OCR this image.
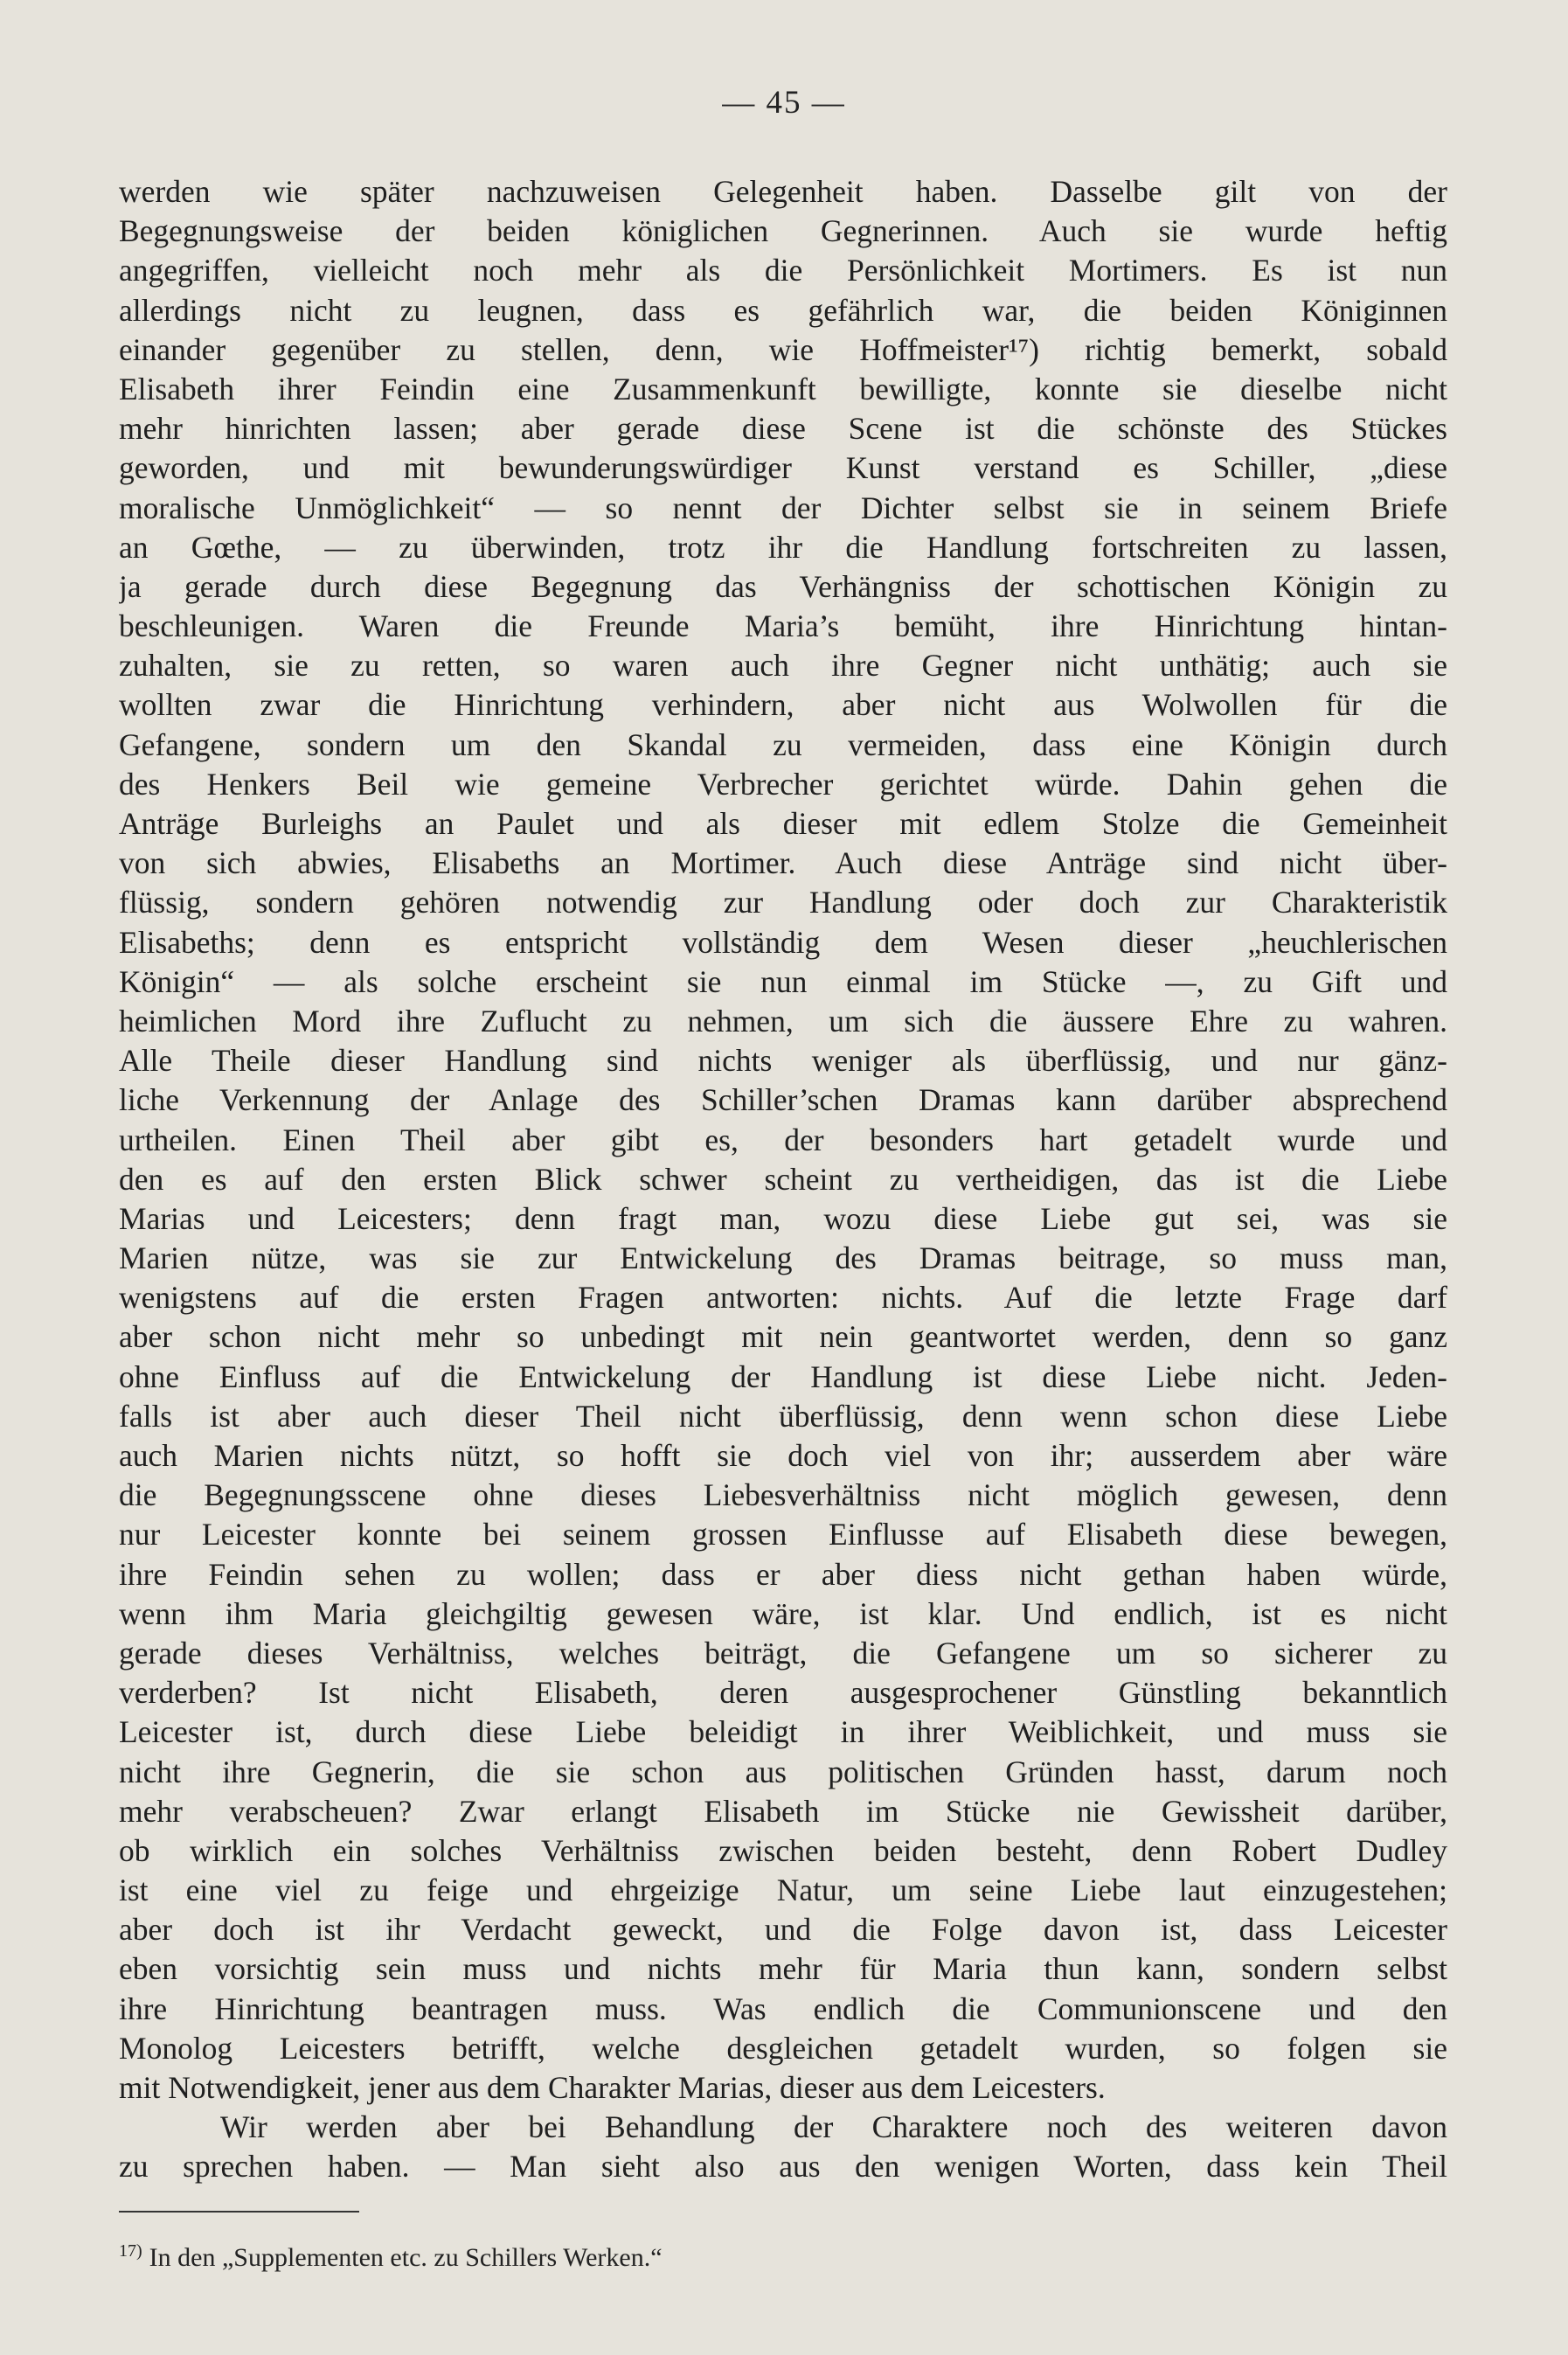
— 45 —
werden wie später nachzuweisen Gelegenheit haben. Dasselbe gilt von der
Begegnungsweise der beiden königlichen Gegnerinnen. Auch sie wurde heftig
angegriffen, vielleicht noch mehr als die Persönlichkeit Mortimers. Es ist nun
allerdings nicht zu leugnen, dass es gefährlich war, die beiden Königinnen
einander gegenüber zu stellen, denn, wie Hoffmeister¹⁷) richtig bemerkt, sobald
Elisabeth ihrer Feindin eine Zusammenkunft bewilligte, konnte sie dieselbe nicht
mehr hinrichten lassen; aber gerade diese Scene ist die schönste des Stückes
geworden, und mit bewunderungswürdiger Kunst verstand es Schiller, „diese
moralische Unmöglichkeit“ — so nennt der Dichter selbst sie in seinem Briefe
an Gœthe, — zu überwinden, trotz ihr die Handlung fortschreiten zu lassen,
ja gerade durch diese Begegnung das Verhängniss der schottischen Königin zu
beschleunigen. Waren die Freunde Maria’s bemüht, ihre Hinrichtung hintan-
zuhalten, sie zu retten, so waren auch ihre Gegner nicht unthätig; auch sie
wollten zwar die Hinrichtung verhindern, aber nicht aus Wolwollen für die
Gefangene, sondern um den Skandal zu vermeiden, dass eine Königin durch
des Henkers Beil wie gemeine Verbrecher gerichtet würde. Dahin gehen die
Anträge Burleighs an Paulet und als dieser mit edlem Stolze die Gemeinheit
von sich abwies, Elisabeths an Mortimer. Auch diese Anträge sind nicht über-
flüssig, sondern gehören notwendig zur Handlung oder doch zur Charakteristik
Elisabeths; denn es entspricht vollständig dem Wesen dieser „heuchlerischen
Königin“ — als solche erscheint sie nun einmal im Stücke —, zu Gift und
heimlichen Mord ihre Zuflucht zu nehmen, um sich die äussere Ehre zu wahren.
Alle Theile dieser Handlung sind nichts weniger als überflüssig, und nur gänz-
liche Verkennung der Anlage des Schiller’schen Dramas kann darüber absprechend
urtheilen. Einen Theil aber gibt es, der besonders hart getadelt wurde und
den es auf den ersten Blick schwer scheint zu vertheidigen, das ist die Liebe
Marias und Leicesters; denn fragt man, wozu diese Liebe gut sei, was sie
Marien nütze, was sie zur Entwickelung des Dramas beitrage, so muss man,
wenigstens auf die ersten Fragen antworten: nichts. Auf die letzte Frage darf
aber schon nicht mehr so unbedingt mit nein geantwortet werden, denn so ganz
ohne Einfluss auf die Entwickelung der Handlung ist diese Liebe nicht. Jeden-
falls ist aber auch dieser Theil nicht überflüssig, denn wenn schon diese Liebe
auch Marien nichts nützt, so hofft sie doch viel von ihr; ausserdem aber wäre
die Begegnungsscene ohne dieses Liebesverhältniss nicht möglich gewesen, denn
nur Leicester konnte bei seinem grossen Einflusse auf Elisabeth diese bewegen,
ihre Feindin sehen zu wollen; dass er aber diess nicht gethan haben würde,
wenn ihm Maria gleichgiltig gewesen wäre, ist klar. Und endlich, ist es nicht
gerade dieses Verhältniss, welches beiträgt, die Gefangene um so sicherer zu
verderben? Ist nicht Elisabeth, deren ausgesprochener Günstling bekanntlich
Leicester ist, durch diese Liebe beleidigt in ihrer Weiblichkeit, und muss sie
nicht ihre Gegnerin, die sie schon aus politischen Gründen hasst, darum noch
mehr verabscheuen? Zwar erlangt Elisabeth im Stücke nie Gewissheit darüber,
ob wirklich ein solches Verhältniss zwischen beiden besteht, denn Robert Dudley
ist eine viel zu feige und ehrgeizige Natur, um seine Liebe laut einzugestehen;
aber doch ist ihr Verdacht geweckt, und die Folge davon ist, dass Leicester
eben vorsichtig sein muss und nichts mehr für Maria thun kann, sondern selbst
ihre Hinrichtung beantragen muss. Was endlich die Communionscene und den
Monolog Leicesters betrifft, welche desgleichen getadelt wurden, so folgen sie
mit Notwendigkeit, jener aus dem Charakter Marias, dieser aus dem Leicesters.
Wir werden aber bei Behandlung der Charaktere noch des weiteren davon
zu sprechen haben. — Man sieht also aus den wenigen Worten, dass kein Theil
$^{17)}$ In den „Supplementen etc. zu Schillers Werken.“
